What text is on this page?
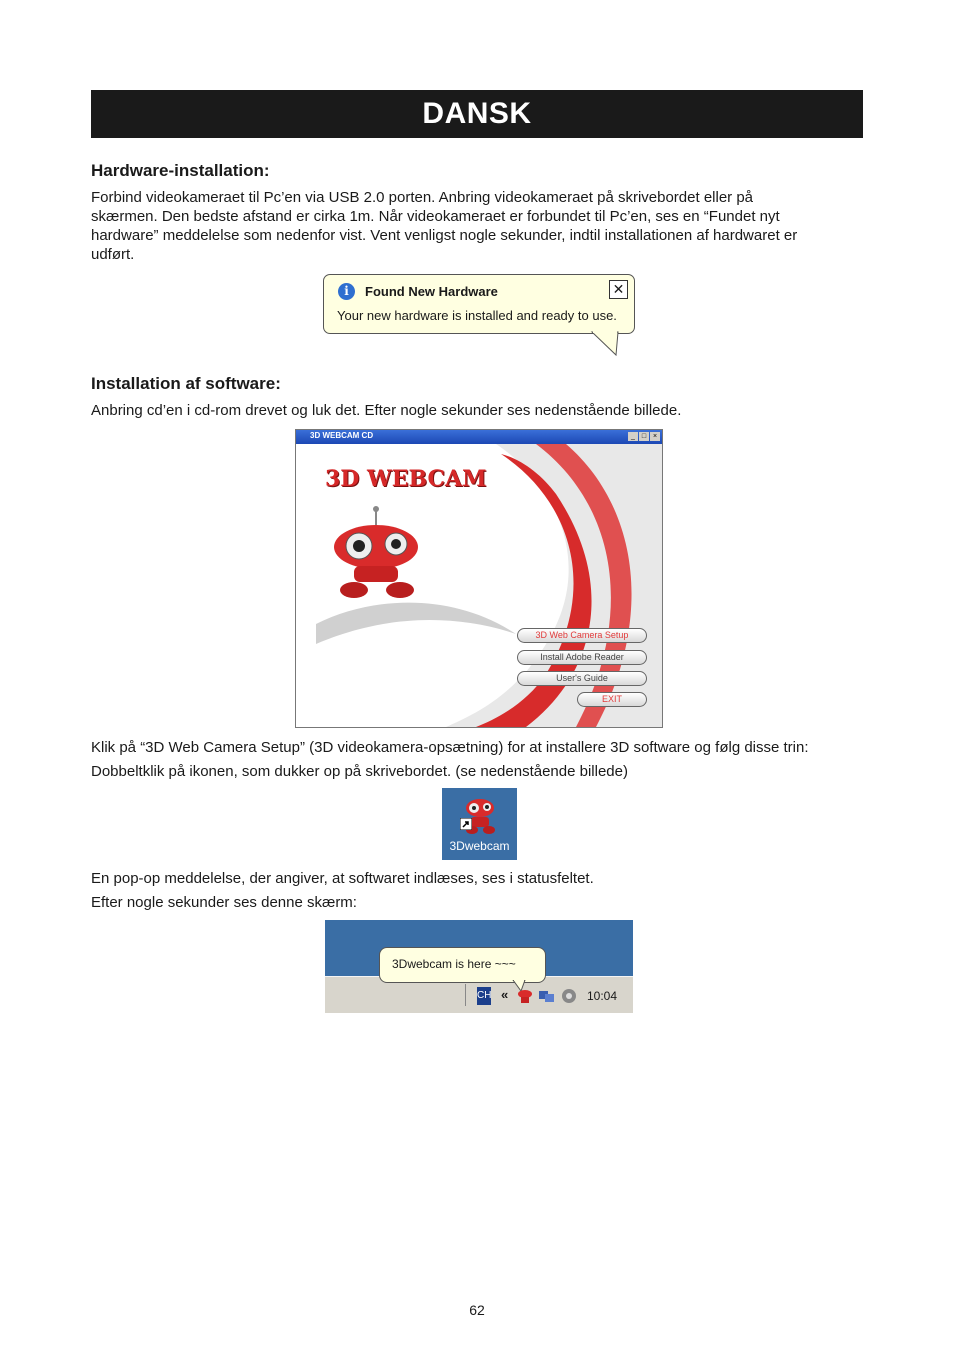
DANSK
Hardware-installation:
Forbind videokameraet til Pc’en via USB 2.0 porten. Anbring videokameraet på skrivebordet eller på
skærmen. Den bedste afstand er cirka 1m. Når videokameraet er forbundet til Pc’en, ses en “Fundet nyt
hardware” meddelelse som nedenfor vist. Vent venligst nogle sekunder, indtil installationen af hardwaret er
udført.
i	Found New Hardware
Your new hardware is installed and ready to use.
✕
Installation af software:
Anbring cd’en i cd-rom drevet og luk det. Efter nogle sekunder ses nedenstående billede.
3D WEBCAM CD	_ □ ×
3D WEBCAM
3D Web Camera Setup
Install Adobe Reader
User's Guide
EXIT
Klik på “3D Web Camera Setup” (3D videokamera-opsætning) for at installere 3D software og følg disse trin:
Dobbeltklik på ikonen, som dukker op på skrivebordet. (se nedenstående billede)
3Dwebcam
En pop-op meddelelse, der angiver, at softwaret indlæses, ses i statusfeltet.
Efter nogle sekunder ses denne skærm:
3Dwebcam is here ~~~
CH «	10:04
62
